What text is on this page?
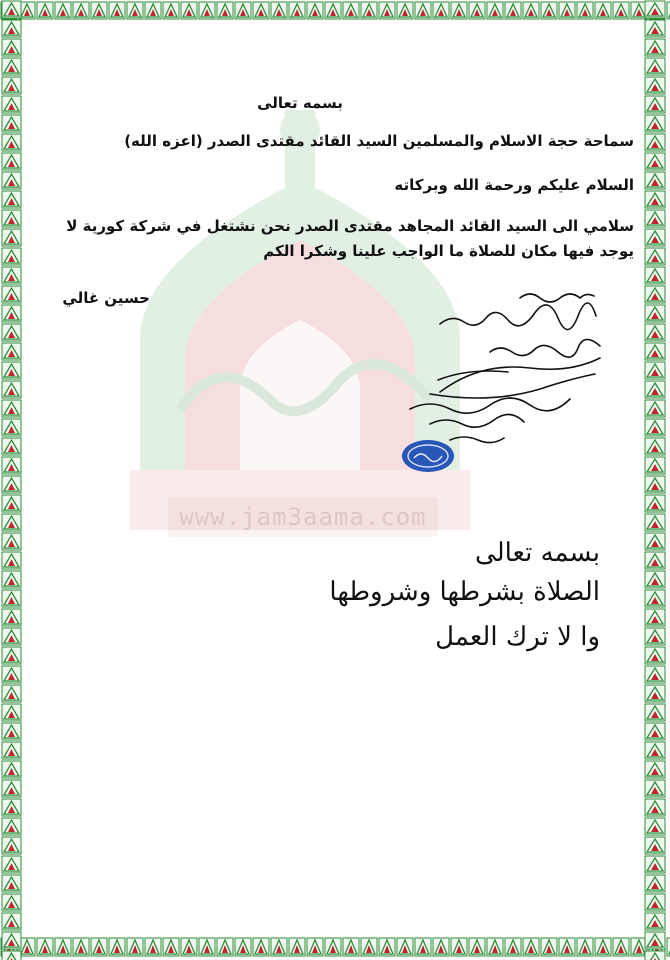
www.jam3aama.com
بسمه تعالى
سماحة حجة الاسلام والمسلمين السيد القائد مقتدى الصدر (اعزه الله)
السلام عليكم ورحمة الله وبركاته
سلامي الى السيد القائد المجاهد مقتدى الصدر نحن نشتغل في شركة كورية لا يوجد فيها مكان للصلاة ما الواجب علينا وشكرا الكم
حسين غالي
بسمه تعالى
الصلاة بشرطها وشروطها
وا لا ترك العمل
